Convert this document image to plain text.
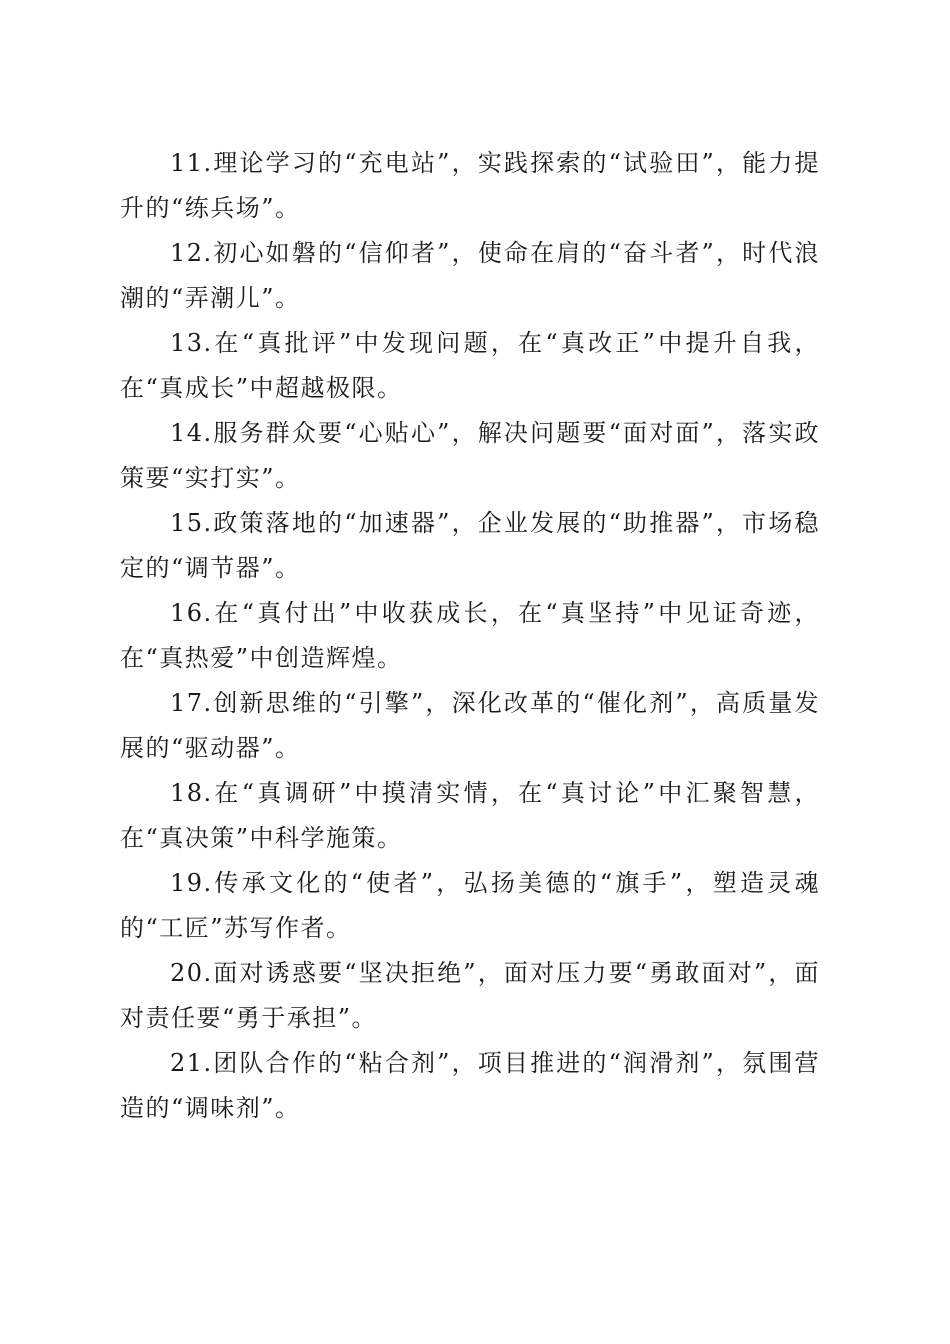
11.理论学习的“充电站”，实践探索的“试验田”，能力提升的“练兵场”。

12.初心如磐的“信仰者”，使命在肩的“奋斗者”，时代浪潮的“弄潮儿”。

13.在“真批评”中发现问题，在“真改正”中提升自我，在“真成长”中超越极限。

14.服务群众要“心贴心”，解决问题要“面对面”，落实政策要“实打实”。

15.政策落地的“加速器”，企业发展的“助推器”，市场稳定的“调节器”。

16.在“真付出”中收获成长，在“真坚持”中见证奇迹，在“真热爱”中创造辉煌。

17.创新思维的“引擎”，深化改革的“催化剂”，高质量发展的“驱动器”。

18.在“真调研”中摸清实情，在“真讨论”中汇聚智慧，在“真决策”中科学施策。

19.传承文化的“使者”，弘扬美德的“旗手”，塑造灵魂的“工匠”苏写作者。

20.面对诱惑要“坚决拒绝”，面对压力要“勇敢面对”，面对责任要“勇于承担”。

21.团队合作的“粘合剂”，项目推进的“润滑剂”，氛围营造的“调味剂”。
